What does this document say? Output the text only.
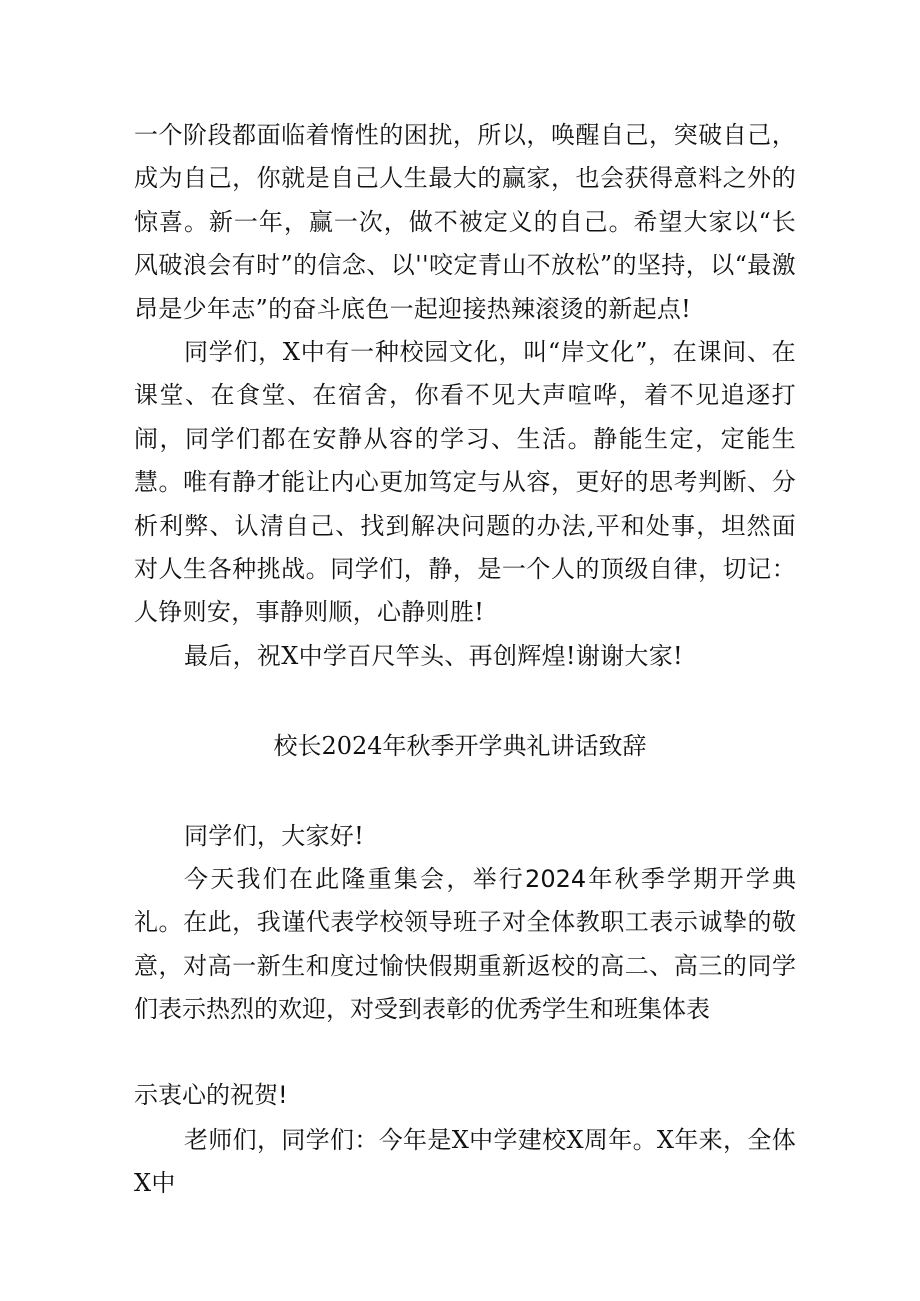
一个阶段都面临着惰性的困扰，所以，唤醒自己，突破自己，成为自己，你就是自己人生最大的赢家，也会获得意料之外的惊喜。新一年，赢一次，做不被定义的自己。希望大家以“长风破浪会有时”的信念、以''咬定青山不放松”的坚持，以“最激昂是少年志”的奋斗底色一起迎接热辣滚烫的新起点!

同学们，X中有一种校园文化，叫“岸文化”，在课间、在课堂、在食堂、在宿舍，你看不见大声喧哗，着不见追逐打闹，同学们都在安静从容的学习、生活。静能生定，定能生慧。唯有静才能让内心更加笃定与从容，更好的思考判断、分析利弊、认清自己、找到解决问题的办法,平和处事，坦然面对人生各种挑战。同学们，静，是一个人的顶级自律，切记：人铮则安，事静则顺，心静则胜!

最后，祝X中学百尺竿头、再创辉煌!谢谢大家!

校长2024年秋季开学典礼讲话致辞

同学们，大家好!

今天我们在此隆重集会，举行2024年秋季学期开学典礼。在此，我谨代表学校领导班子对全体教职工表示诚挚的敬意，对高一新生和度过愉快假期重新返校的高二、高三的同学们表示热烈的欢迎，对受到表彰的优秀学生和班集体表

示衷心的祝贺!

老师们，同学们：今年是X中学建校X周年。X年来，全体X中
